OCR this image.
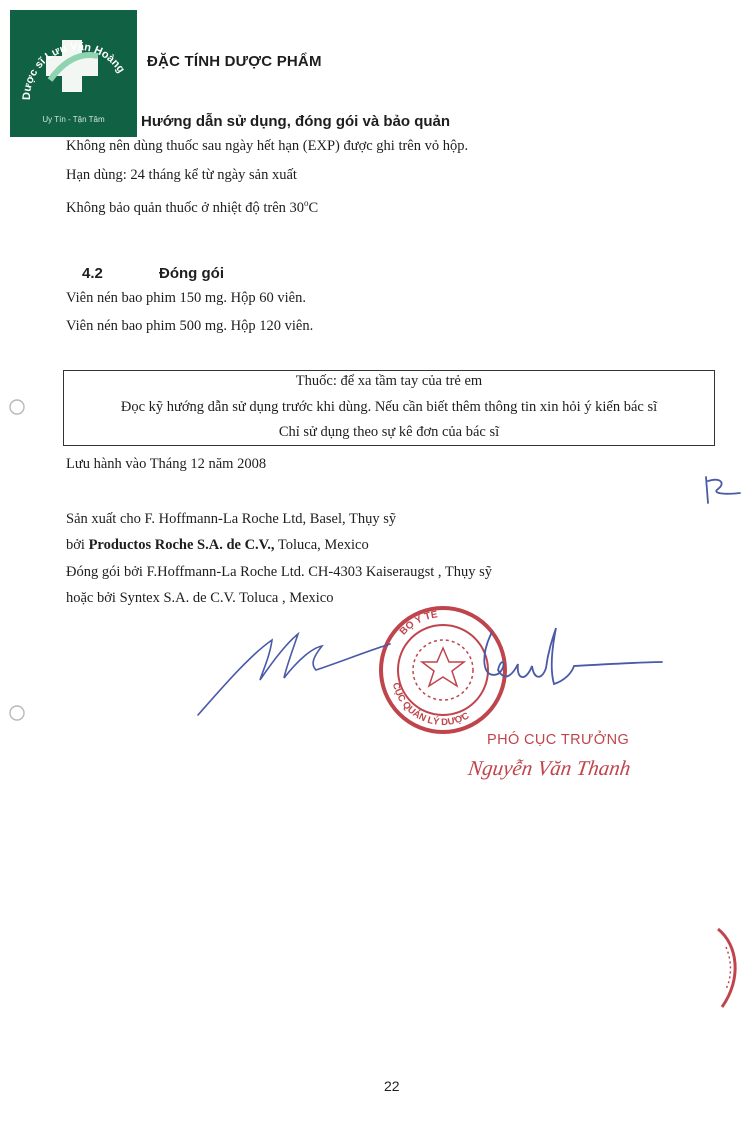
Dược sĩ Lưu Văn Hoàng
Uy Tín - Tận Tâm
ĐẶC TÍNH DƯỢC PHẨM
Hướng dẫn sử dụng, đóng gói và bảo quản
Không nên dùng thuốc sau ngày hết hạn (EXP) được ghi trên vỏ hộp.
Hạn dùng: 24 tháng kể từ ngày sản xuất
Không bảo quản thuốc ở nhiệt độ trên 30$^o$C
4.2	Đóng gói
Viên nén bao phim 150 mg. Hộp 60 viên.
Viên nén bao phim 500 mg. Hộp 120 viên.
Thuốc: để xa tầm tay của trẻ em
Đọc kỹ hướng dẫn sử dụng trước khi dùng. Nếu cần biết thêm thông tin xin hỏi ý kiến bác sĩ
Chỉ sử dụng theo sự kê đơn của bác sĩ
Lưu hành vào Tháng 12 năm 2008
Sản xuất cho F. Hoffmann-La Roche Ltd, Basel, Thụy sỹ
bởi Productos Roche S.A. de C.V., Toluca, Mexico
Đóng gói bởi F.Hoffmann-La Roche Ltd. CH-4303 Kaiseraugst , Thụy sỹ
hoặc bởi Syntex S.A. de C.V. Toluca , Mexico
BỘ Y TẾ
CỤC QUẢN LÝ DƯỢC
PHÓ CỤC TRƯỞNG
Nguyễn Văn Thanh
22
